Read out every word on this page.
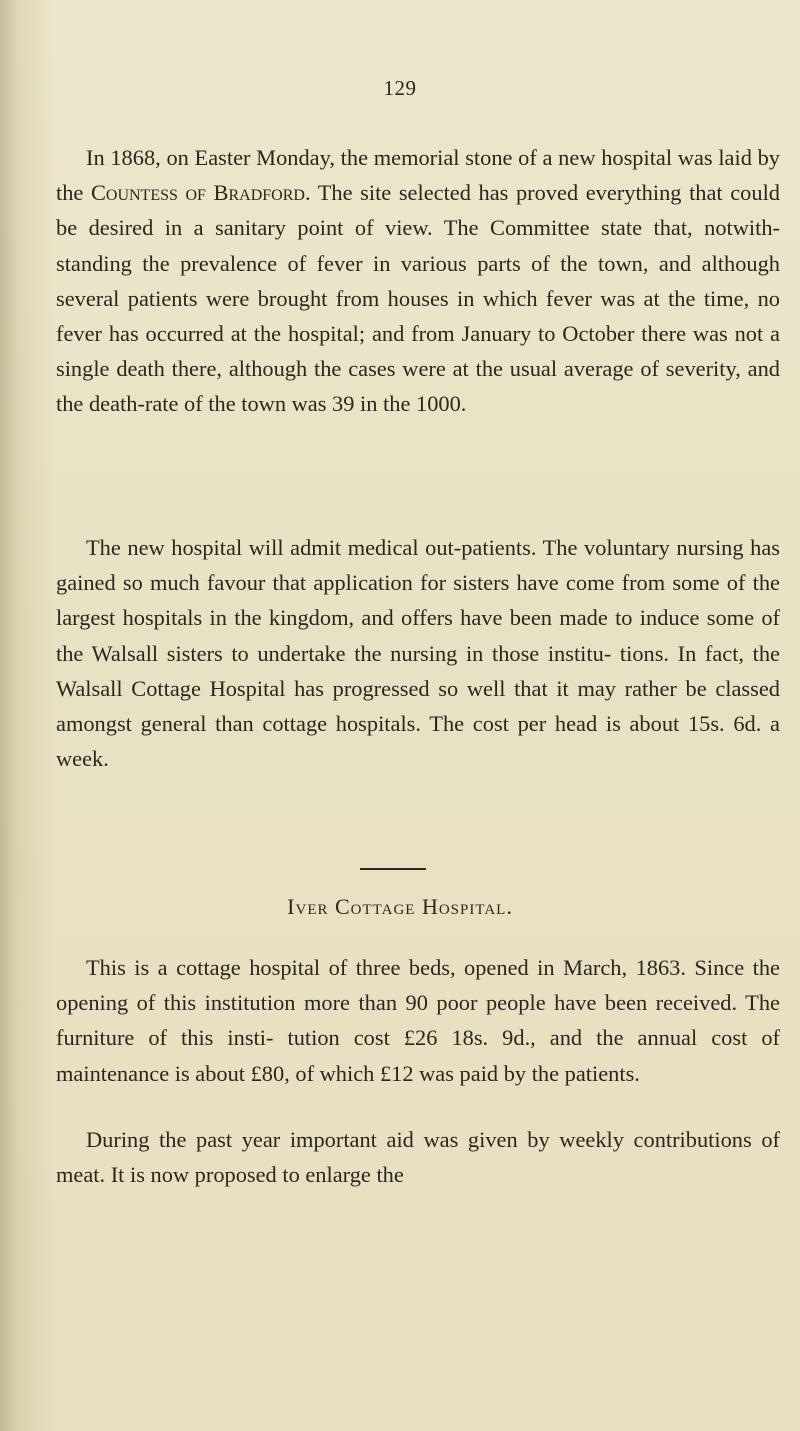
129

In 1868, on Easter Monday, the memorial stone of a new hospital was laid by the Countess of Bradford. The site selected has proved everything that could be desired in a sanitary point of view. The Committee state that, notwith- standing the prevalence of fever in various parts of the town, and although several patients were brought from houses in which fever was at the time, no fever has occurred at the hospital; and from January to October there was not a single death there, although the cases were at the usual average of severity, and the death-rate of the town was 39 in the 1000.

The new hospital will admit medical out-patients. The voluntary nursing has gained so much favour that application for sisters have come from some of the largest hospitals in the kingdom, and offers have been made to induce some of the Walsall sisters to undertake the nursing in those institu- tions. In fact, the Walsall Cottage Hospital has progressed so well that it may rather be classed amongst general than cottage hospitals. The cost per head is about 15s. 6d. a week.

Iver Cottage Hospital.

This is a cottage hospital of three beds, opened in March, 1863. Since the opening of this institution more than 90 poor people have been received. The furniture of this insti- tution cost £26 18s. 9d., and the annual cost of maintenance is about £80, of which £12 was paid by the patients.

During the past year important aid was given by weekly contributions of meat. It is now proposed to enlarge the
